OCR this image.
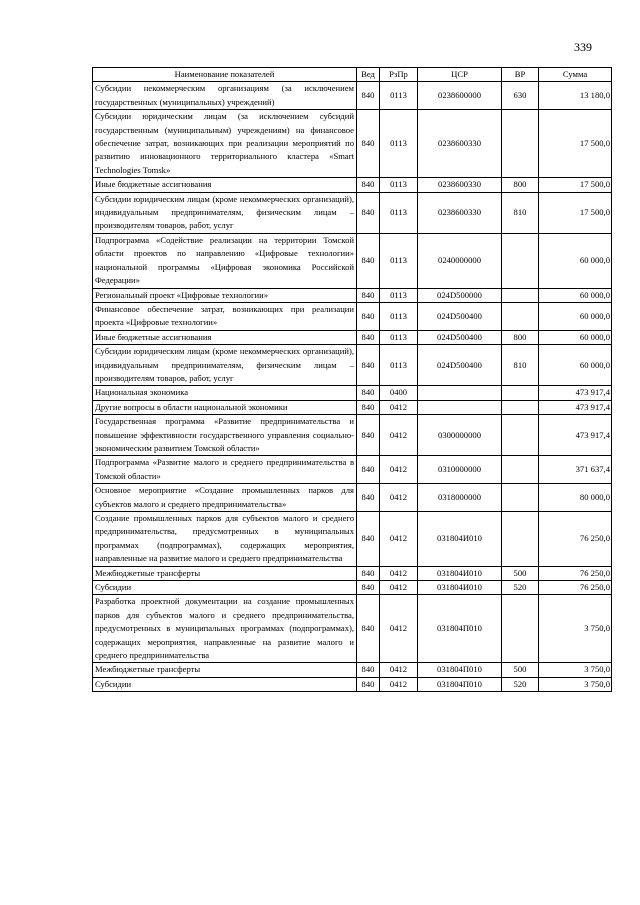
339
Наименование показателей	Вед	РзПр	ЦСР	ВР	Сумма
Субсидии некоммерческим организациям (за исключением государственных (муниципальных) учреждений)	840	0113	0238600000	630	13 180,0
Субсидии юридическим лицам (за исключением субсидий государственным (муниципальным) учреждениям) на финансовое обеспечение затрат, возникающих при реализации мероприятий по развитию инновационного территориального кластера «Smart Technologies Tomsk»	840	0113	0238600330		17 500,0
Иные бюджетные ассигнования	840	0113	0238600330	800	17 500,0
Субсидии юридическим лицам (кроме некоммерческих организаций), индивидуальным предпринимателям, физическим лицам – производителям товаров, работ, услуг	840	0113	0238600330	810	17 500,0
Подпрограмма «Содействие реализации на территории Томской области проектов по направлению «Цифровые технологии» национальной программы «Цифровая экономика Российской Федерации»	840	0113	0240000000		60 000,0
Региональный проект «Цифровые технологии»	840	0113	024D500000		60 000,0
Финансовое обеспечение затрат, возникающих при реализации проекта «Цифровые технологии»	840	0113	024D500400		60 000,0
Иные бюджетные ассигнования	840	0113	024D500400	800	60 000,0
Субсидии юридическим лицам (кроме некоммерческих организаций), индивидуальным предпринимателям, физическим лицам – производителям товаров, работ, услуг	840	0113	024D500400	810	60 000,0
Национальная экономика	840	0400			473 917,4
Другие вопросы в области национальной экономики	840	0412			473 917,4
Государственная программа «Развитие предпринимательства и повышение эффективности государственного управления социально-экономическим развитием Томской области»	840	0412	0300000000		473 917,4
Подпрограмма «Развитие малого и среднего предпринимательства в Томской области»	840	0412	0310000000		371 637,4
Основное мероприятие «Создание промышленных парков для субъектов малого и среднего предпринимательства»	840	0412	0318000000		80 000,0
Создание промышленных парков для субъектов малого и среднего предпринимательства, предусмотренных в муниципальных программах (подпрограммах), содержащих мероприятия, направленные на развитие малого и среднего предпринимательства	840	0412	031804И010		76 250,0
Межбюджетные трансферты	840	0412	031804И010	500	76 250,0
Субсидии	840	0412	031804И010	520	76 250,0
Разработка проектной документации на создание промышленных парков для субъектов малого и среднего предпринимательства, предусмотренных в муниципальных программах (подпрограммах), содержащих мероприятия, направленные на развитие малого и среднего предпринимательства	840	0412	031804П010		3 750,0
Межбюджетные трансферты	840	0412	031804П010	500	3 750,0
Субсидии	840	0412	031804П010	520	3 750,0
